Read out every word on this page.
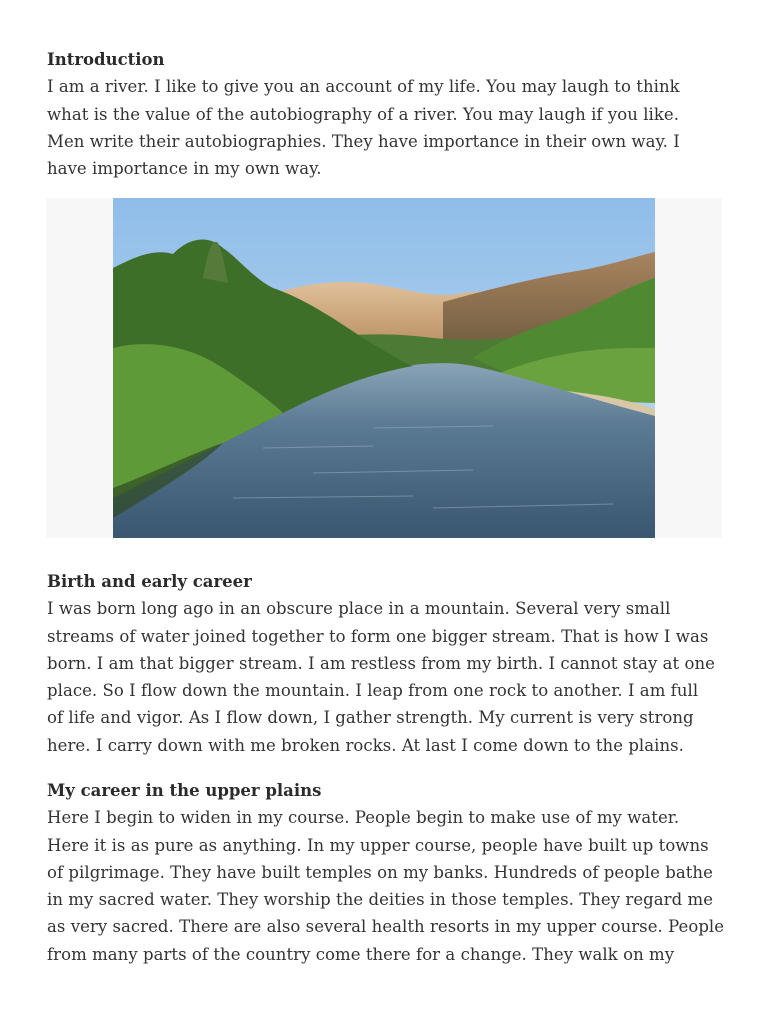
Introduction

I am a river. I like to give you an account of my life. You may laugh to think

what is the value of the autobiography of a river. You may laugh if you like.

Men write their autobiographies. They have importance in their own way. I

have importance in my own way.

Birth and early career

I was born long ago in an obscure place in a mountain. Several very small

streams of water joined together to form one bigger stream. That is how I was

born. I am that bigger stream. I am restless from my birth. I cannot stay at one

place. So I flow down the mountain. I leap from one rock to another. I am full

of life and vigor. As I flow down, I gather strength. My current is very strong

here. I carry down with me broken rocks. At last I come down to the plains.

My career in the upper plains

Here I begin to widen in my course. People begin to make use of my water.

Here it is as pure as anything. In my upper course, people have built up towns

of pilgrimage. They have built temples on my banks. Hundreds of people bathe

in my sacred water. They worship the deities in those temples. They regard me

as very sacred. There are also several health resorts in my upper course. People

from many parts of the country come there for a change. They walk on my
